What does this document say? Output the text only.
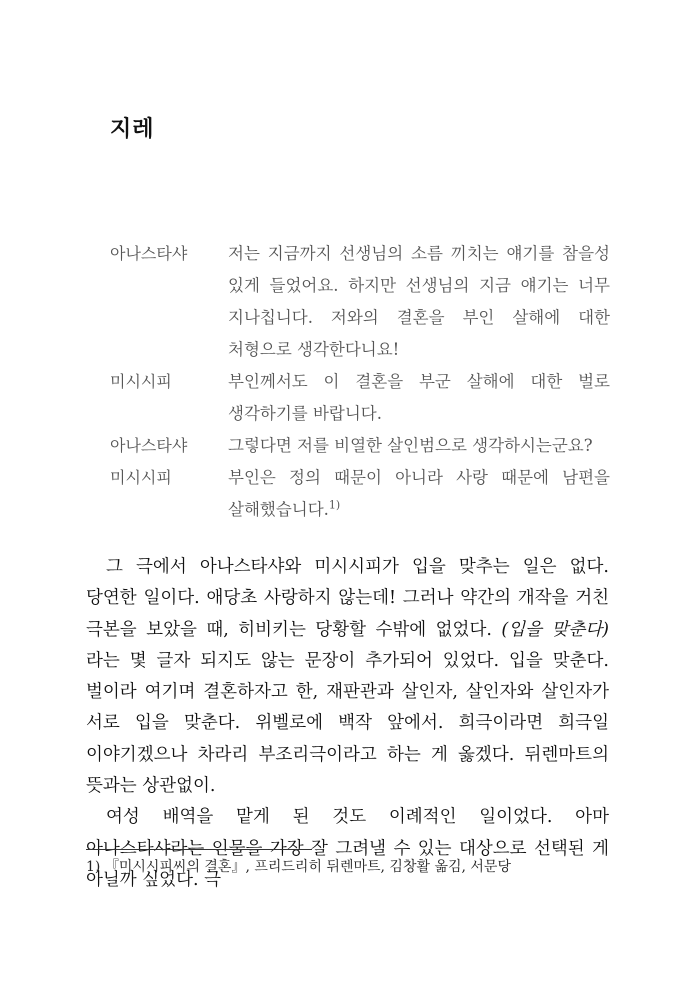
지레
아나스타샤	저는 지금까지 선생님의 소름 끼치는 얘기를 참을성 있게 들었어요. 하지만 선생님의 지금 얘기는 너무 지나칩니다. 저와의 결혼을 부인 살해에 대한 처형으로 생각한다니요!
미시시피	부인께서도 이 결혼을 부군 살해에 대한 벌로 생각하기를 바랍니다.
아나스타샤	그렇다면 저를 비열한 살인범으로 생각하시는군요?
미시시피	부인은 정의 때문이 아니라 사랑 때문에 남편을 살해했습니다.$^{1)}$

그 극에서 아나스타샤와 미시시피가 입을 맞추는 일은 없다. 당연한 일이다. 애당초 사랑하지 않는데! 그러나 약간의 개작을 거친 극본을 보았을 때, 히비키는 당황할 수밖에 없었다. (입을 맞춘다) 라는 몇 글자 되지도 않는 문장이 추가되어 있었다. 입을 맞춘다. 벌이라 여기며 결혼하자고 한, 재판관과 살인자, 살인자와 살인자가 서로 입을 맞춘다. 위벨로에 백작 앞에서. 희극이라면 희극일 이야기겠으나 차라리 부조리극이라고 하는 게 옳겠다. 뒤렌마트의 뜻과는 상관없이.

여성 배역을 맡게 된 것도 이례적인 일이었다. 아마 아나스타샤라는 인물을 가장 잘 그려낼 수 있는 대상으로 선택된 게 아닐까 싶었다. 극

1) 『미시시피씨의 결혼』, 프리드리히 뒤렌마트, 김창활 옮김, 서문당
